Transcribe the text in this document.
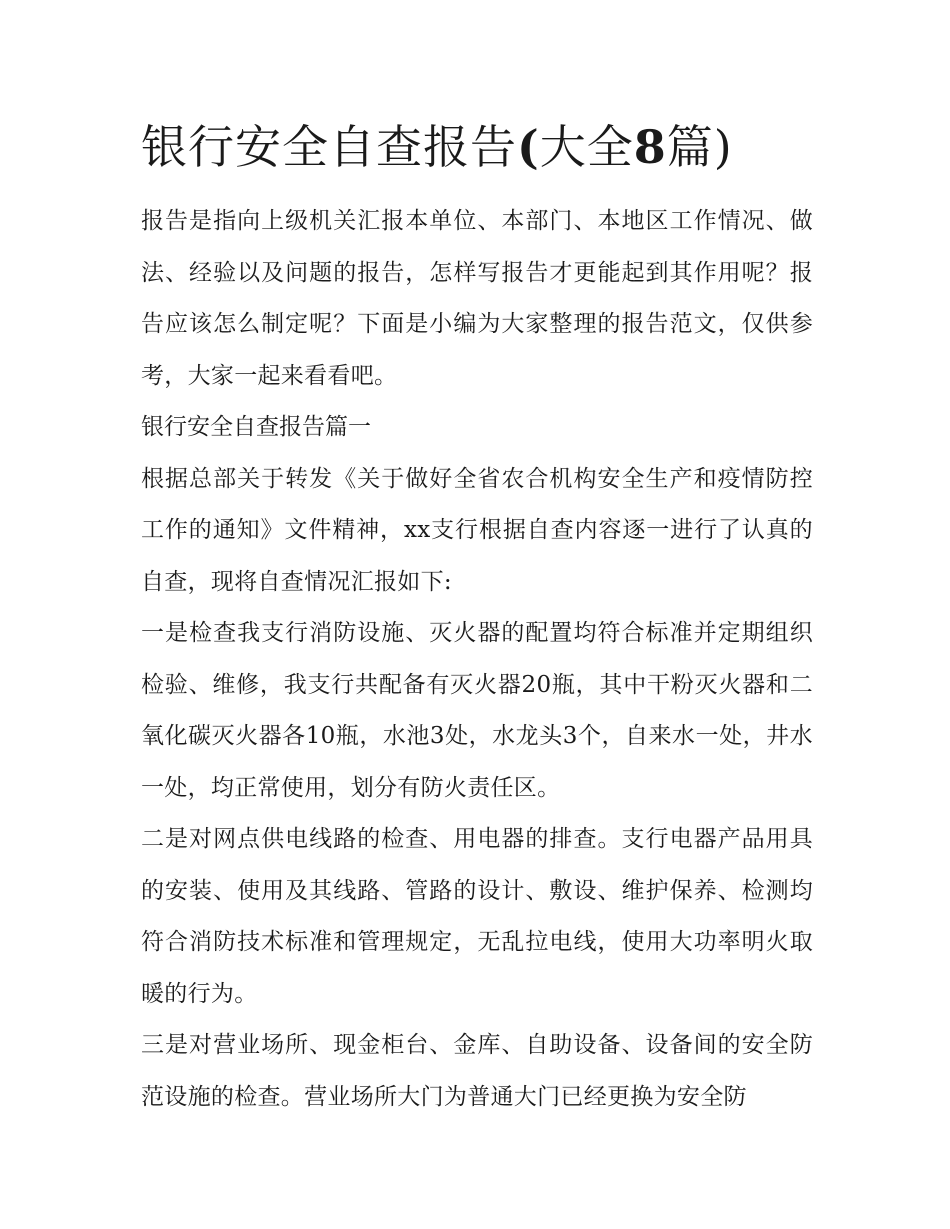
银行安全自查报告(大全8篇)

报告是指向上级机关汇报本单位、本部门、本地区工作情况、做法、经验以及问题的报告，怎样写报告才更能起到其作用呢？报告应该怎么制定呢？下面是小编为大家整理的报告范文，仅供参考，大家一起来看看吧。

银行安全自查报告篇一

根据总部关于转发《关于做好全省农合机构安全生产和疫情防控工作的通知》文件精神，xx支行根据自查内容逐一进行了认真的自查，现将自查情况汇报如下:

一是检查我支行消防设施、灭火器的配置均符合标准并定期组织检验、维修，我支行共配备有灭火器20瓶，其中干粉灭火器和二氧化碳灭火器各10瓶，水池3处，水龙头3个，自来水一处，井水一处，均正常使用，划分有防火责任区。

二是对网点供电线路的检查、用电器的排查。支行电器产品用具的安装、使用及其线路、管路的设计、敷设、维护保养、检测均符合消防技术标准和管理规定，无乱拉电线，使用大功率明火取暖的行为。

三是对营业场所、现金柜台、金库、自助设备、设备间的安全防范设施的检查。营业场所大门为普通大门已经更换为安全防
